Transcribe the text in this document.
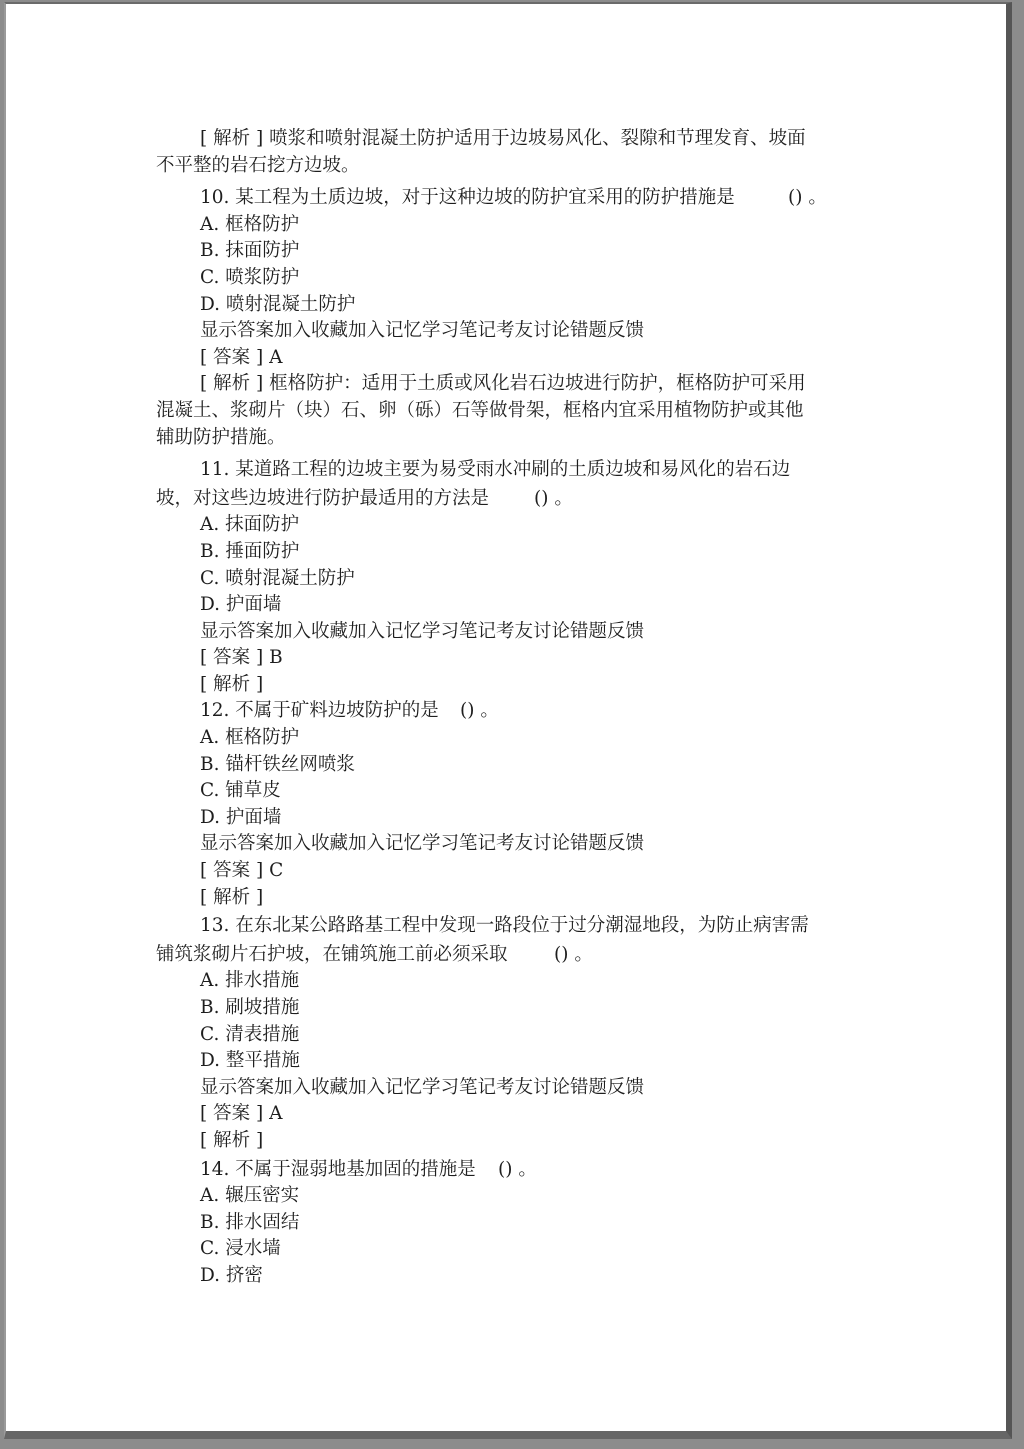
[ 解析 ] 喷浆和喷射混凝土防护适用于边坡易风化、裂隙和节理发育、坡面
不平整的岩石挖方边坡。
10. 某工程为土质边坡，对于这种边坡的防护宜采用的防护措施是	() 。
A. 框格防护
B. 抹面防护
C. 喷浆防护
D. 喷射混凝土防护
显示答案加入收藏加入记忆学习笔记考友讨论错题反馈
[ 答案 ] A
[ 解析 ] 框格防护：适用于土质或风化岩石边坡进行防护，框格防护可采用
混凝土、浆砌片（块）石、卵（砾）石等做骨架，框格内宜采用植物防护或其他
辅助防护措施。
11. 某道路工程的边坡主要为易受雨水冲刷的土质边坡和易风化的岩石边
坡，对这些边坡进行防护最适用的方法是 () 。
A. 抹面防护
B. 捶面防护
C. 喷射混凝土防护
D. 护面墙
显示答案加入收藏加入记忆学习笔记考友讨论错题反馈
[ 答案 ] B
[ 解析 ]
12. 不属于矿料边坡防护的是 () 。
A. 框格防护
B. 锚杆铁丝网喷浆
C. 铺草皮
D. 护面墙
显示答案加入收藏加入记忆学习笔记考友讨论错题反馈
[ 答案 ] C
[ 解析 ]
13. 在东北某公路路基工程中发现一路段位于过分潮湿地段，为防止病害需
铺筑浆砌片石护坡，在铺筑施工前必须采取	() 。
A. 排水措施
B. 刷坡措施
C. 清表措施
D. 整平措施
显示答案加入收藏加入记忆学习笔记考友讨论错题反馈
[ 答案 ] A
[ 解析 ]
14. 不属于湿弱地基加固的措施是 () 。
A. 辗压密实
B. 排水固结
C. 浸水墙
D. 挤密
